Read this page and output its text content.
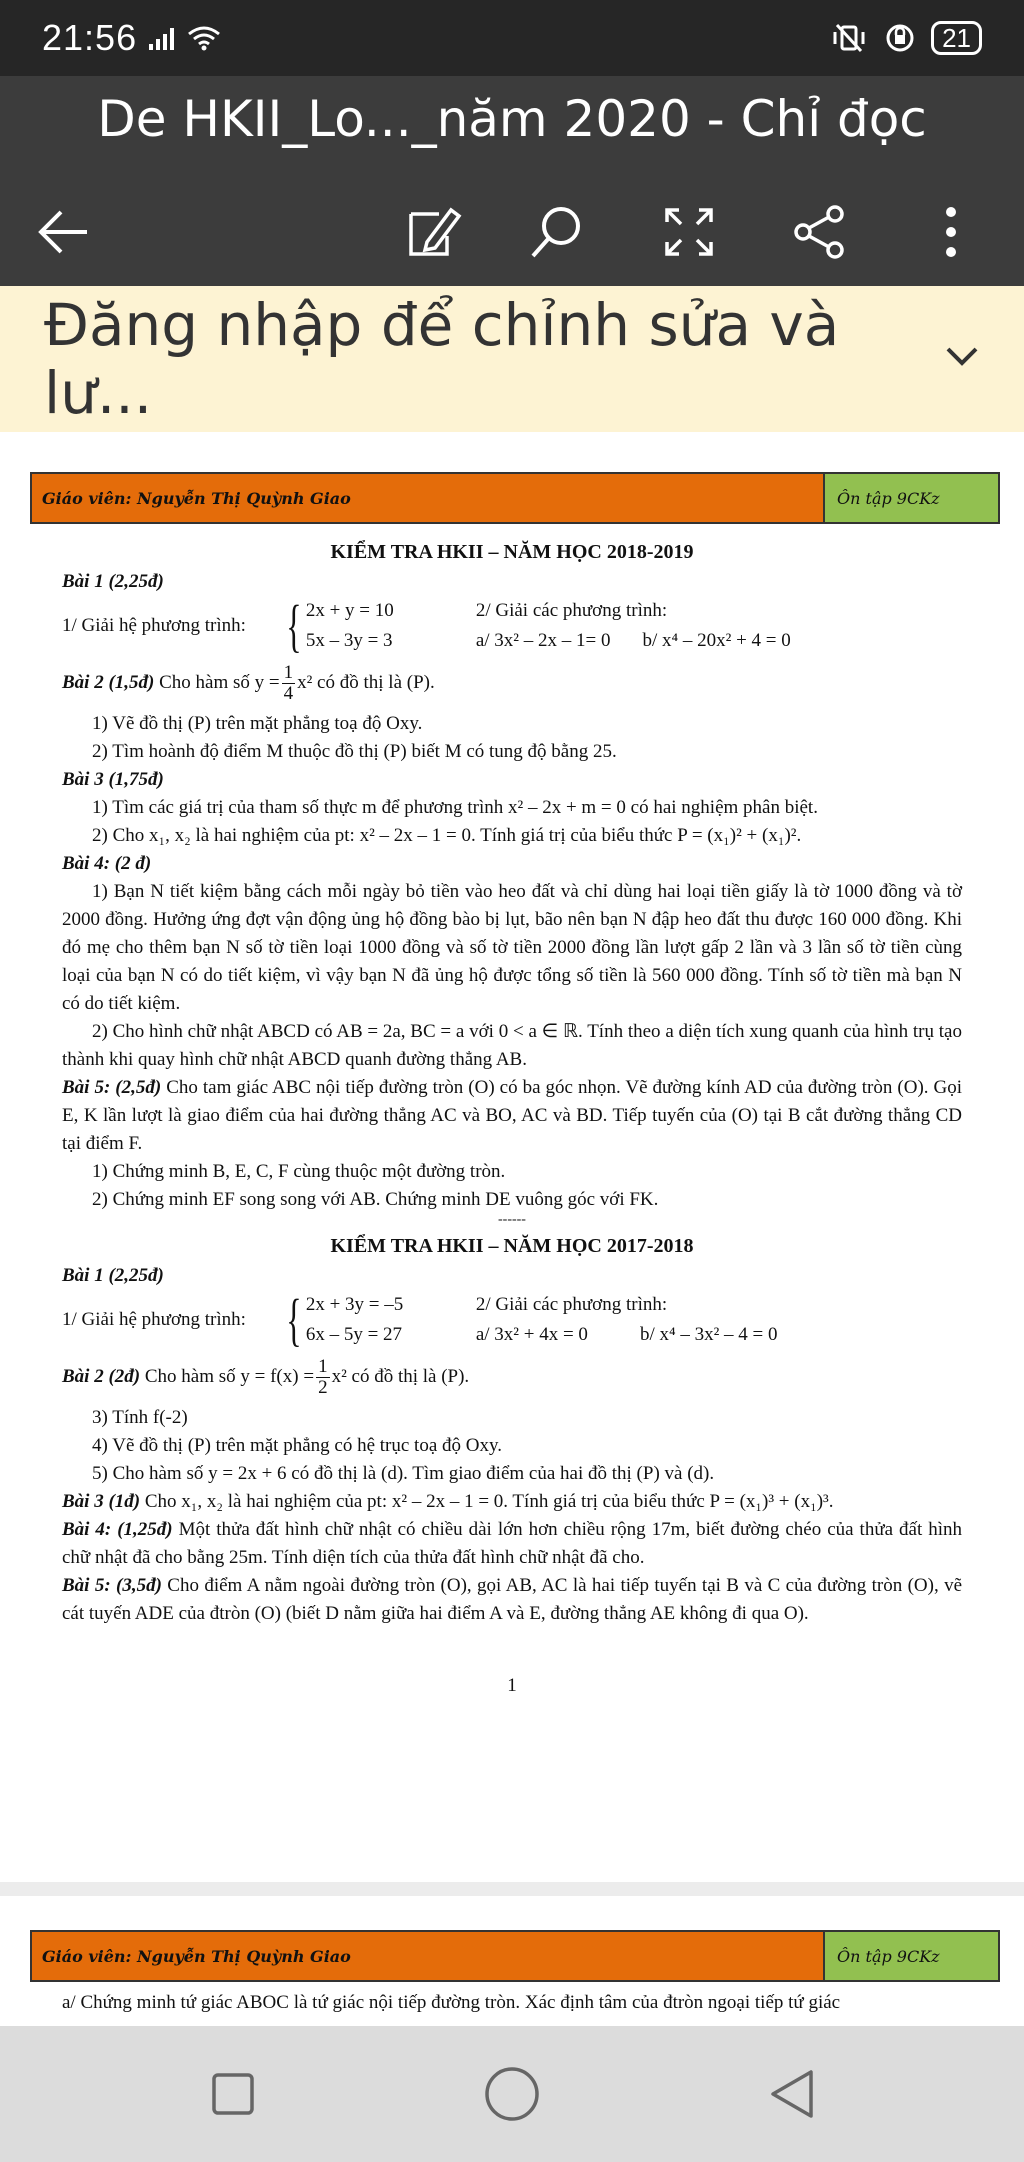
21:56	21
De HKII_Lo..._năm 2020 - Chỉ đọc
Đăng nhập để chỉnh sửa và lư...
Giáo viên: Nguyễn Thị Quỳnh Giao	Ôn tập 9CKz
KIỂM TRA HKII – NĂM HỌC 2018-2019
Bài 1 (2,25đ)
1/ Giải hệ phương trình: { 2x + y = 10
5x – 3y = 3
2/ Giải các phương trình:
a/ 3x² – 2x – 1= 0 b/ x⁴ – 20x² + 4 = 0
Bài 2 (1,5đ)
Cho hàm số $y = \frac{1}{4} x^2$ có đồ thị là (P).
1) Vẽ đồ thị (P) trên mặt phẳng toạ độ Oxy.
2) Tìm hoành độ điểm M thuộc đồ thị (P) biết M có tung độ bằng 25.
Bài 3 (1,75đ)
1) Tìm các giá trị của tham số thực m để phương trình x² – 2x + m = 0 có hai nghiệm phân biệt.
2) Cho x₁, x₂ là hai nghiệm của pt: x² – 2x – 1 = 0. Tính giá trị của biểu thức P = (x₁)² + (x₁)².
Bài 4: (2 đ)
1) Bạn N tiết kiệm bằng cách mỗi ngày bỏ tiền vào heo đất và chỉ dùng hai loại tiền giấy là tờ 1000 đồng và tờ 2000 đồng. Hưởng ứng đợt vận động ủng hộ đồng bào bị lụt, bão nên bạn N đập heo đất thu được 160 000 đồng. Khi đó mẹ cho thêm bạn N số tờ tiền loại 1000 đồng và số tờ tiền 2000 đồng lần lượt gấp 2 lần và 3 lần số tờ tiền cùng loại của bạn N có do tiết kiệm, vì vậy bạn N đã ủng hộ được tổng số tiền là 560 000 đồng. Tính số tờ tiền mà bạn N có do tiết kiệm.
2) Cho hình chữ nhật ABCD có AB = 2a, BC = a với 0 < a ∈ ℝ. Tính theo a diện tích xung quanh của hình trụ tạo thành khi quay hình chữ nhật ABCD quanh đường thẳng AB.
Bài 5: (2,5đ) Cho tam giác ABC nội tiếp đường tròn (O) có ba góc nhọn. Vẽ đường kính AD của đường tròn (O). Gọi E, K lần lượt là giao điểm của hai đường thẳng AC và BO, AC và BD. Tiếp tuyến của (O) tại B cắt đường thẳng CD tại điểm F.
1) Chứng minh B, E, C, F cùng thuộc một đường tròn.
2) Chứng minh EF song song với AB. Chứng minh DE vuông góc với FK.
------
KIỂM TRA HKII – NĂM HỌC 2017-2018
Bài 1 (2,25đ)
1/ Giải hệ phương trình: { 2x + 3y = –5
6x – 5y = 27
2/ Giải các phương trình:
a/ 3x² + 4x = 0	b/ x⁴ – 3x² – 4 = 0
Bài 2 (2đ)
Cho hàm số $y = f(x) = \frac{1}{2} x^2$ có đồ thị là (P).
3) Tính f(-2)
4) Vẽ đồ thị (P) trên mặt phẳng có hệ trục toạ độ Oxy.
5) Cho hàm số y = 2x + 6 có đồ thị là (d). Tìm giao điểm của hai đồ thị (P) và (d).
Bài 3 (1đ) Cho x₁, x₂ là hai nghiệm của pt: x² – 2x – 1 = 0. Tính giá trị của biểu thức P = (x₁)³ + (x₁)³.
Bài 4: (1,25đ) Một thửa đất hình chữ nhật có chiều dài lớn hơn chiều rộng 17m, biết đường chéo của thửa đất hình chữ nhật đã cho bằng 25m. Tính diện tích của thửa đất hình chữ nhật đã cho.
Bài 5: (3,5đ) Cho điểm A nằm ngoài đường tròn (O), gọi AB, AC là hai tiếp tuyến tại B và C của đường tròn (O), vẽ cát tuyến ADE của đtròn (O) (biết D nằm giữa hai điểm A và E, đường thẳng AE không đi qua O).
1
Giáo viên: Nguyễn Thị Quỳnh Giao	Ôn tập 9CKz
a/ Chứng minh tứ giác ABOC là tứ giác nội tiếp đường tròn. Xác định tâm của đtròn ngoại tiếp tứ giác
